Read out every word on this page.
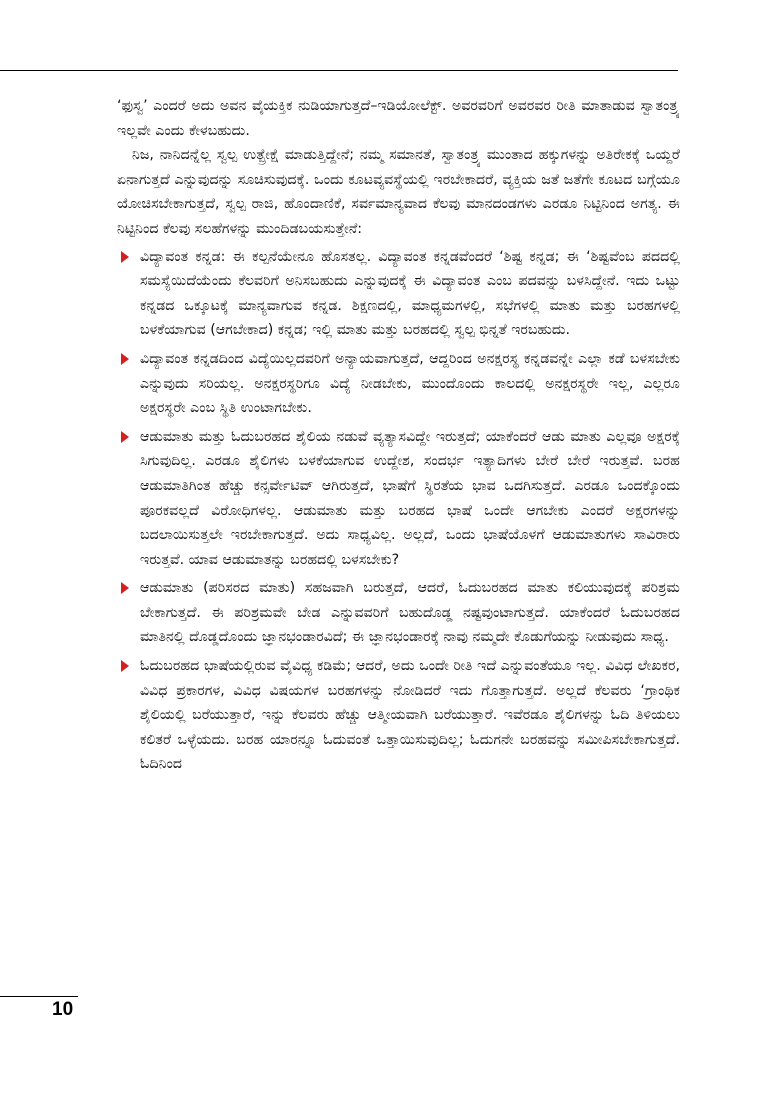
‘ಫುಸ್ವ’ ಎಂದರೆ ಅದು ಅವನ ವೈಯಕ್ತಿಕ ನುಡಿಯಾಗುತ್ತದೆ–ಇಡಿಯೋಲೆಕ್ಟ್. ಅವರವರಿಗೆ ಅವರವರ ರೀತಿ ಮಾತಾಡುವ ಸ್ವಾತಂತ್ರ್ಯ ಇಲ್ಲವೇ ಎಂದು ಕೇಳಬಹುದು.

ನಿಜ, ನಾನಿದನ್ನೆಲ್ಲ ಸ್ವಲ್ಪ ಉತ್ಪ್ರೇಕ್ಷೆ ಮಾಡುತ್ತಿದ್ದೇನೆ; ನಮ್ಮ ಸಮಾನತೆ, ಸ್ವಾತಂತ್ರ್ಯ ಮುಂತಾದ ಹಕ್ಕುಗಳನ್ನು ಅತಿರೇಕಕ್ಕೆ ಒಯ್ದರೆ ಏನಾಗುತ್ತದೆ ಎನ್ನುವುದನ್ನು ಸೂಚಿಸುವುದಕ್ಕೆ. ಒಂದು ಕೂಟವ್ಯವಸ್ಥೆಯಲ್ಲಿ ಇರಬೇಕಾದರೆ, ವ್ಯಕ್ತಿಯ ಜತೆ ಜತೆಗೇ ಕೂಟದ ಬಗ್ಗೆಯೂ ಯೋಚಿಸಬೇಕಾಗುತ್ತದೆ, ಸ್ವಲ್ಪ ರಾಜಿ, ಹೊಂದಾಣಿಕೆ, ಸರ್ವಮಾನ್ಯವಾದ ಕೆಲವು ಮಾನದಂಡಗಳು ಎರಡೂ ನಿಟ್ಟಿನಿಂದ ಅಗತ್ಯ. ಈ ನಿಟ್ಟಿನಿಂದ ಕೆಲವು ಸಲಹೆಗಳನ್ನು ಮುಂದಿಡಬಯಸುತ್ತೇನೆ:

ವಿದ್ಯಾವಂತ ಕನ್ನಡ: ಈ ಕಲ್ಪನೆಯೇನೂ ಹೊಸತಲ್ಲ. ವಿದ್ಯಾವಂತ ಕನ್ನಡವೆಂದರೆ ‘ಶಿಷ್ಟ ಕನ್ನಡ; ಈ ‘ಶಿಷ್ಟವೆಂಬ ಪದದಲ್ಲಿ ಸಮಸ್ಯೆಯಿದೆಯೆಂದು ಕೆಲವರಿಗೆ ಅನಿಸಬಹುದು ಎನ್ನುವುದಕ್ಕೆ ಈ ವಿದ್ಯಾವಂತ ಎಂಬ ಪದವನ್ನು ಬಳಸಿದ್ದೇನೆ. ಇದು ಒಟ್ಟು ಕನ್ನಡದ ಒಕ್ಕೂಟಕ್ಕೆ ಮಾನ್ಯವಾಗುವ ಕನ್ನಡ. ಶಿಕ್ಷಣದಲ್ಲಿ, ಮಾಧ್ಯಮಗಳಲ್ಲಿ, ಸಭೆಗಳಲ್ಲಿ ಮಾತು ಮತ್ತು ಬರಹಗಳಲ್ಲಿ ಬಳಕೆಯಾಗುವ (ಆಗಬೇಕಾದ) ಕನ್ನಡ; ಇಲ್ಲಿ ಮಾತು ಮತ್ತು ಬರಹದಲ್ಲಿ ಸ್ವಲ್ಪ ಭಿನ್ನತೆ ಇರಬಹುದು.
ವಿದ್ಯಾವಂತ ಕನ್ನಡದಿಂದ ವಿದ್ಯೆಯಿಲ್ಲದವರಿಗೆ ಅನ್ಯಾಯವಾಗುತ್ತದೆ, ಆದ್ದರಿಂದ ಅನಕ್ಷರಸ್ಥ ಕನ್ನಡವನ್ನೇ ಎಲ್ಲಾ ಕಡೆ ಬಳಸಬೇಕು ಎನ್ನುವುದು ಸರಿಯಲ್ಲ. ಅನಕ್ಷರಸ್ಥರಿಗೂ ವಿದ್ಯೆ ನೀಡಬೇಕು, ಮುಂದೊಂದು ಕಾಲದಲ್ಲಿ ಅನಕ್ಷರಸ್ಥರೇ ಇಲ್ಲ, ಎಲ್ಲರೂ ಅಕ್ಷರಸ್ಥರೇ ಎಂಬ ಸ್ಥಿತಿ ಉಂಟಾಗಬೇಕು.
ಆಡುಮಾತು ಮತ್ತು ಓದುಬರಹದ ಶೈಲಿಯ ನಡುವೆ ವ್ಯತ್ಯಾಸವಿದ್ದೇ ಇರುತ್ತದೆ; ಯಾಕೆಂದರೆ ಆಡು ಮಾತು ಎಲ್ಲವೂ ಅಕ್ಷರಕ್ಕೆ ಸಿಗುವುದಿಲ್ಲ. ಎರಡೂ ಶೈಲಿಗಳು ಬಳಕೆಯಾಗುವ ಉದ್ದೇಶ, ಸಂದರ್ಭ ಇತ್ಯಾದಿಗಳು ಬೇರೆ ಬೇರೆ ಇರುತ್ತವೆ. ಬರಹ ಆಡುಮಾತಿಗಿಂತ ಹೆಚ್ಚು ಕನ್ಸರ್ವೇಟಿವ್ ಆಗಿರುತ್ತದೆ, ಭಾಷೆಗೆ ಸ್ಥಿರತೆಯ ಭಾವ ಒದಗಿಸುತ್ತದೆ. ಎರಡೂ ಒಂದಕ್ಕೊಂದು ಪೂರಕವಲ್ಲದೆ ವಿರೋಧಿಗಳಲ್ಲ. ಆಡುಮಾತು ಮತ್ತು ಬರಹದ ಭಾಷೆ ಒಂದೇ ಆಗಬೇಕು ಎಂದರೆ ಅಕ್ಷರಗಳನ್ನು ಬದಲಾಯಿಸುತ್ತಲೇ ಇರಬೇಕಾಗುತ್ತದೆ. ಅದು ಸಾಧ್ಯವಿಲ್ಲ. ಅಲ್ಲದೆ, ಒಂದು ಭಾಷೆಯೊಳಗೆ ಆಡುಮಾತುಗಳು ಸಾವಿರಾರು ಇರುತ್ತವೆ. ಯಾವ ಆಡುಮಾತನ್ನು ಬರಹದಲ್ಲಿ ಬಳಸಬೇಕು?
ಆಡುಮಾತು (ಪರಿಸರದ ಮಾತು) ಸಹಜವಾಗಿ ಬರುತ್ತದೆ, ಆದರೆ, ಓದುಬರಹದ ಮಾತು ಕಲಿಯುವುದಕ್ಕೆ ಪರಿಶ್ರಮ ಬೇಕಾಗುತ್ತದೆ. ಈ ಪರಿಶ್ರಮವೇ ಬೇಡ ಎನ್ನುವವರಿಗೆ ಬಹುದೊಡ್ಡ ನಷ್ಟವುಂಟಾಗುತ್ತದೆ. ಯಾಕೆಂದರೆ ಓದುಬರಹದ ಮಾತಿನಲ್ಲಿ ದೊಡ್ಡದೊಂದು ಜ್ಞಾನಭಂಡಾರವಿದೆ; ಈ ಜ್ಞಾನಭಂಡಾರಕ್ಕೆ ನಾವು ನಮ್ಮದೇ ಕೊಡುಗೆಯನ್ನು ನೀಡುವುದು ಸಾಧ್ಯ.
ಓದುಬರಹದ ಭಾಷೆಯಲ್ಲಿರುವ ವೈವಿಧ್ಯ ಕಡಿಮೆ; ಆದರೆ, ಅದು ಒಂದೇ ರೀತಿ ಇದೆ ಎನ್ನುವಂತೆಯೂ ಇಲ್ಲ. ವಿವಿಧ ಲೇಖಕರ, ವಿವಿಧ ಪ್ರಕಾರಗಳ, ವಿವಿಧ ವಿಷಯಗಳ ಬರಹಗಳನ್ನು ನೋಡಿದರೆ ಇದು ಗೊತ್ತಾಗುತ್ತದೆ. ಅಲ್ಲದೆ ಕೆಲವರು ‘ಗ್ರಾಂಥಿಕ ಶೈಲಿಯಲ್ಲಿ ಬರೆಯುತ್ತಾರೆ, ಇನ್ನು ಕೆಲವರು ಹೆಚ್ಚು ಆತ್ಮೀಯವಾಗಿ ಬರೆಯುತ್ತಾರೆ. ಇವೆರಡೂ ಶೈಲಿಗಳನ್ನು ಓದಿ ತಿಳಿಯಲು ಕಲಿತರೆ ಒಳ್ಳೆಯದು. ಬರಹ ಯಾರನ್ನೂ ಓದುವಂತೆ ಒತ್ತಾಯಿಸುವುದಿಲ್ಲ; ಓದುಗನೇ ಬರಹವನ್ನು ಸಮೀಪಿಸಬೇಕಾಗುತ್ತದೆ. ಓದಿನಿಂದ
10
